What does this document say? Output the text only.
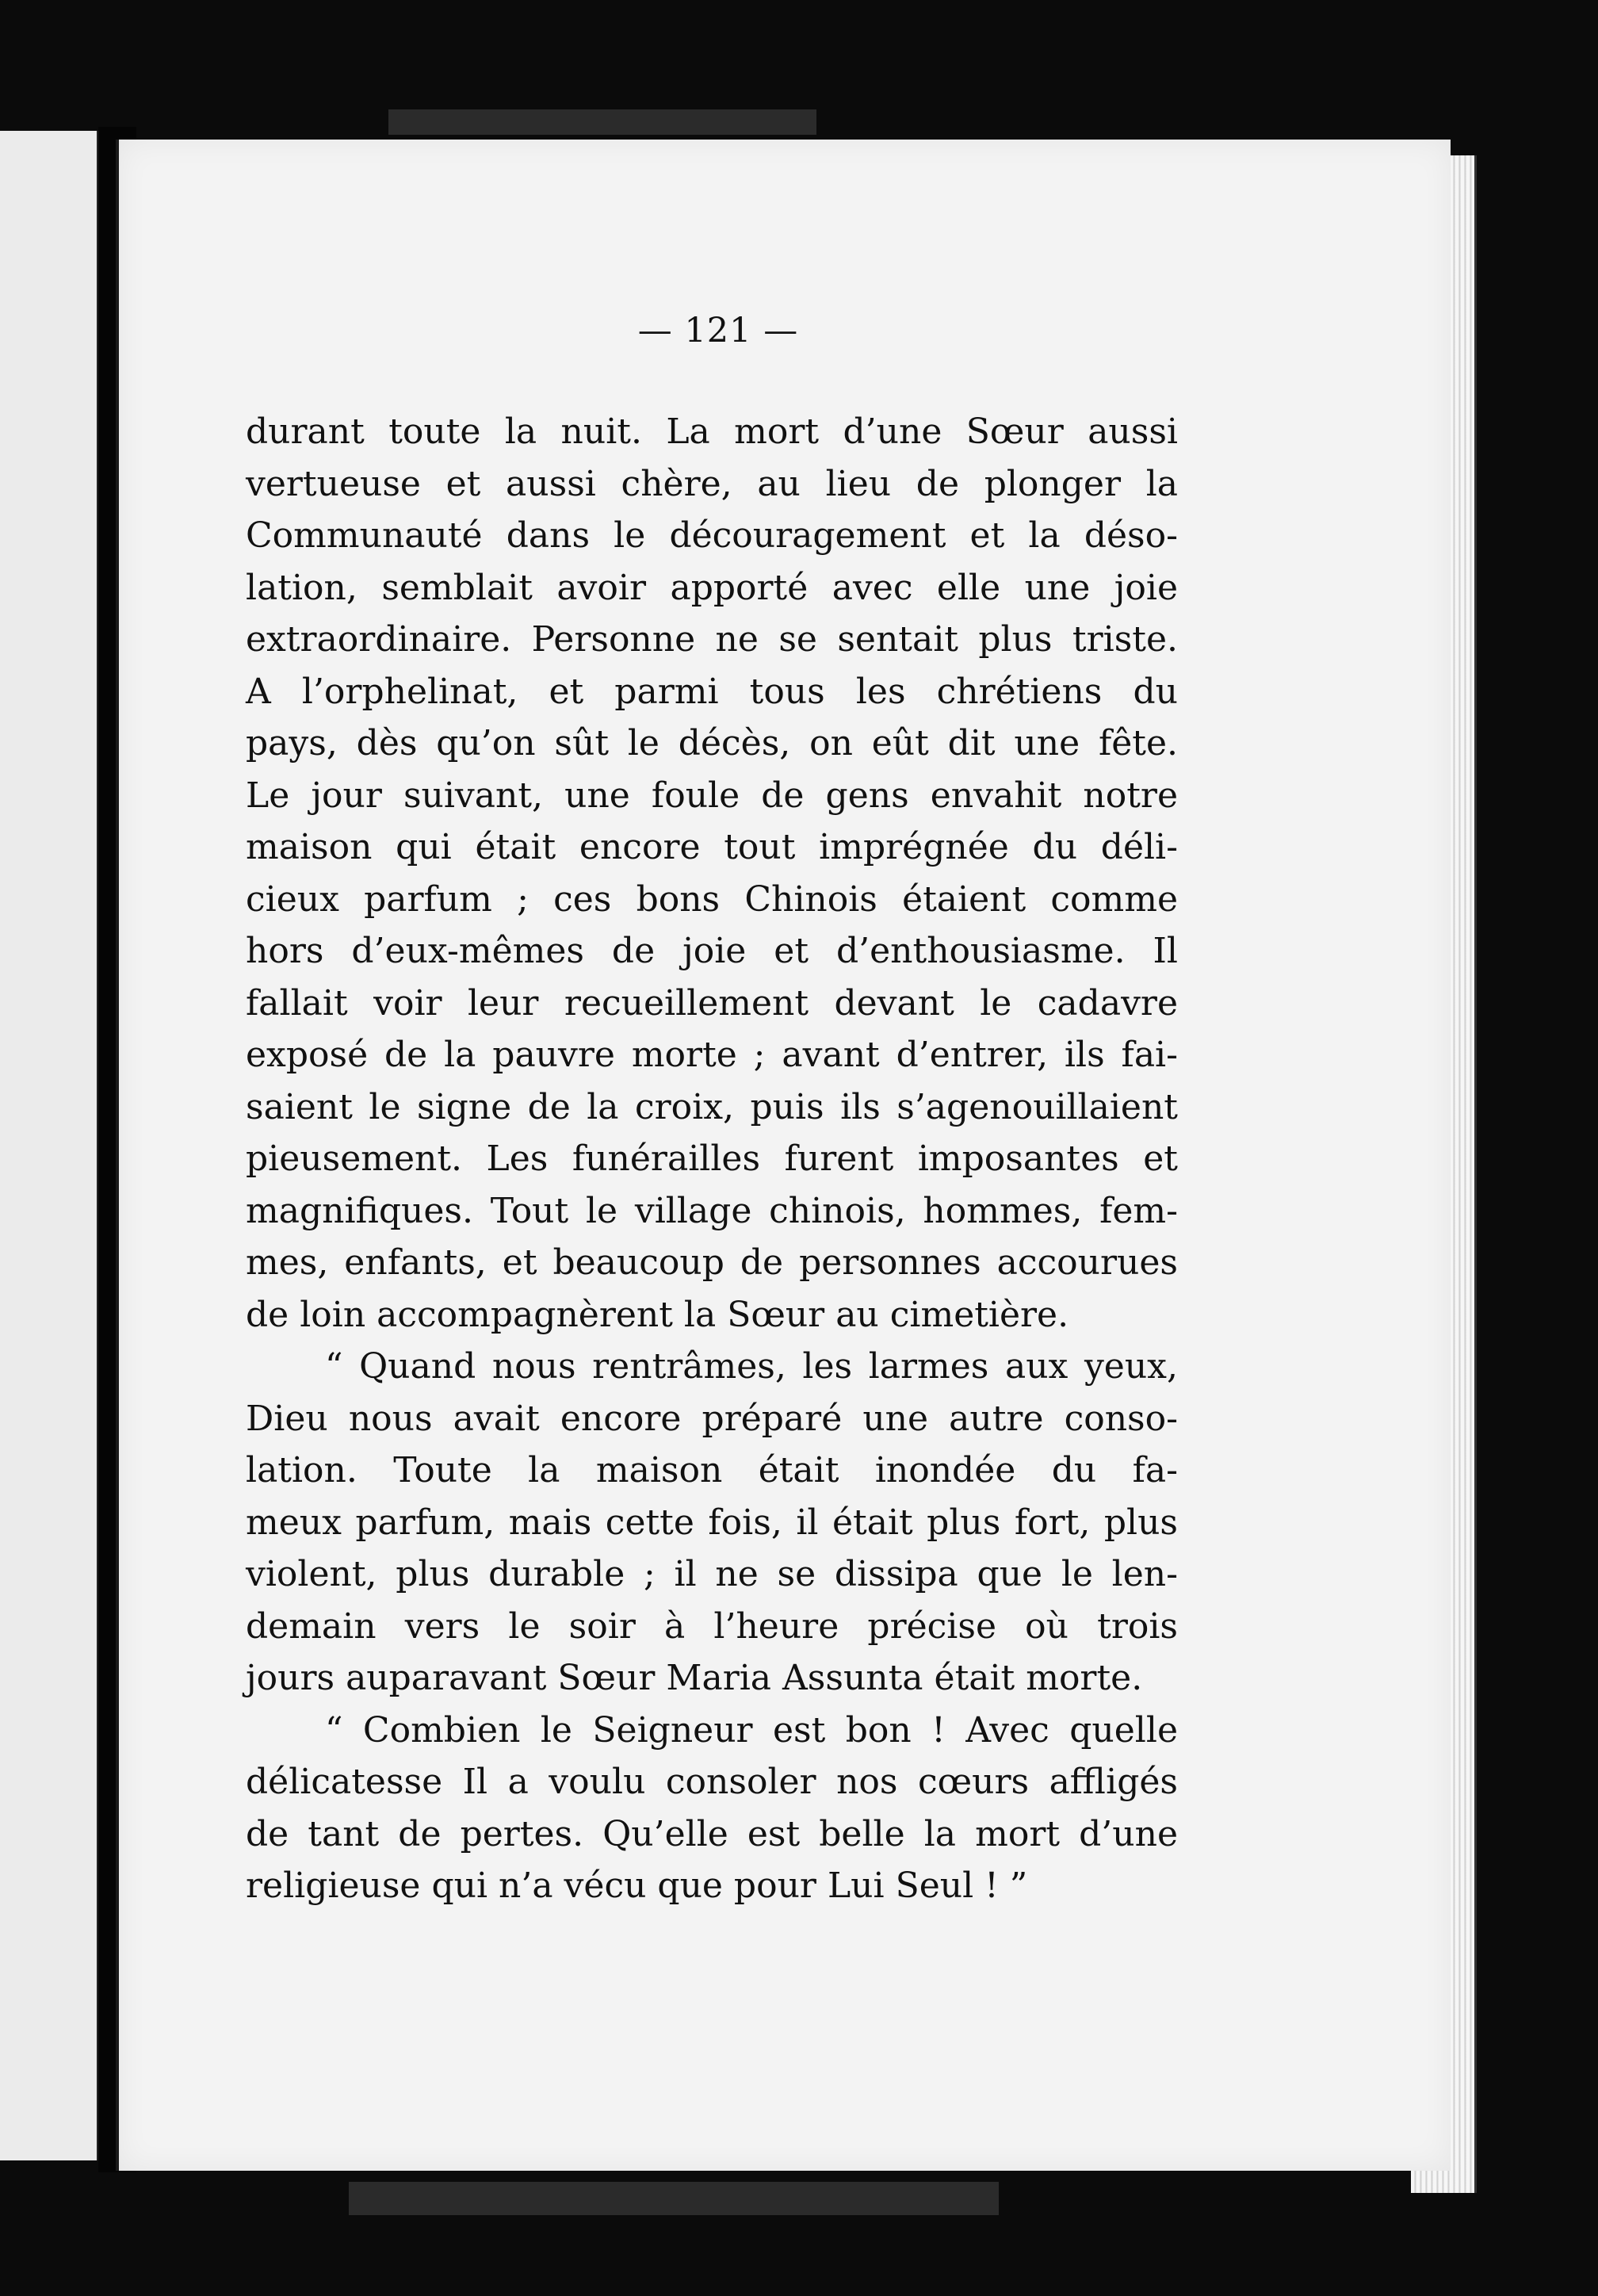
— 121 —
durant toute la nuit. La mort d’une Sœur aussi
vertueuse et aussi chère, au lieu de plonger la
Communauté dans le découragement et la déso-
lation, semblait avoir apporté avec elle une joie
extraordinaire. Personne ne se sentait plus triste.
A l’orphelinat, et parmi tous les chrétiens du
pays, dès qu’on sût le décès, on eût dit une fête.
Le jour suivant, une foule de gens envahit notre
maison qui était encore tout imprégnée du déli-
cieux parfum ; ces bons Chinois étaient comme
hors d’eux-mêmes de joie et d’enthousiasme. Il
fallait voir leur recueillement devant le cadavre
exposé de la pauvre morte ; avant d’entrer, ils fai-
saient le signe de la croix, puis ils s’agenouillaient
pieusement. Les funérailles furent imposantes et
magnifiques. Tout le village chinois, hommes, fem-
mes, enfants, et beaucoup de personnes accourues
de loin accompagnèrent la Sœur au cimetière.
“ Quand nous rentrâmes, les larmes aux yeux,
Dieu nous avait encore préparé une autre conso-
lation. Toute la maison était inondée du fa-
meux parfum, mais cette fois, il était plus fort, plus
violent, plus durable ; il ne se dissipa que le len-
demain vers le soir à l’heure précise où trois
jours auparavant Sœur Maria Assunta était morte.
“ Combien le Seigneur est bon ! Avec quelle
délicatesse Il a voulu consoler nos cœurs affligés
de tant de pertes. Qu’elle est belle la mort d’une
religieuse qui n’a vécu que pour Lui Seul ! ”
